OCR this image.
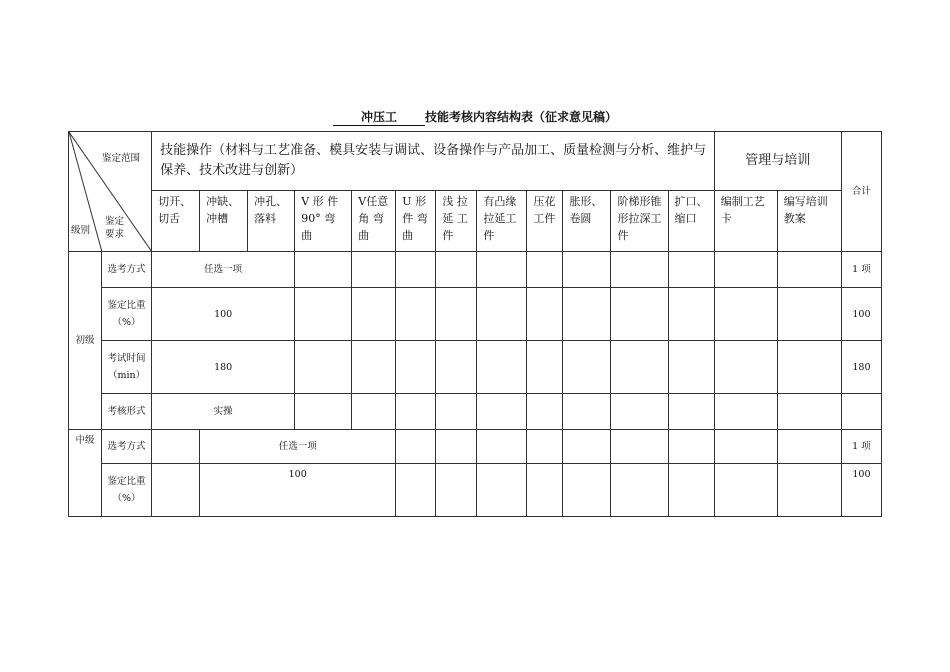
冲压工 技能考核内容结构表（征求意见稿）
鉴定范围
鉴定
要求
级别		技能操作（材料与工艺准备、模具安装与调试、设备操作与产品加工、质量检测与分析、维护与保养、技术改进与创新）												管理与培训		合计
		切开、切舌	冲缺、冲槽	冲孔、落料	V 形 件 90° 弯曲	V任意角 弯 曲	U 形 件 弯 曲	浅 拉 延 工 件	有凸缘拉延工件	压花工件	胀形、卷圆	阶梯形锥形拉深工件	扩口、缩口	编制工艺卡	编写培训教案	
初级	选考方式	任选一项														1 项
	鉴定比重（%）	100														100
	考试时间（min）	180														180
	考核形式	实操														
中级	选考方式		任选一项													1 项
	鉴定比重（%）		100													100
